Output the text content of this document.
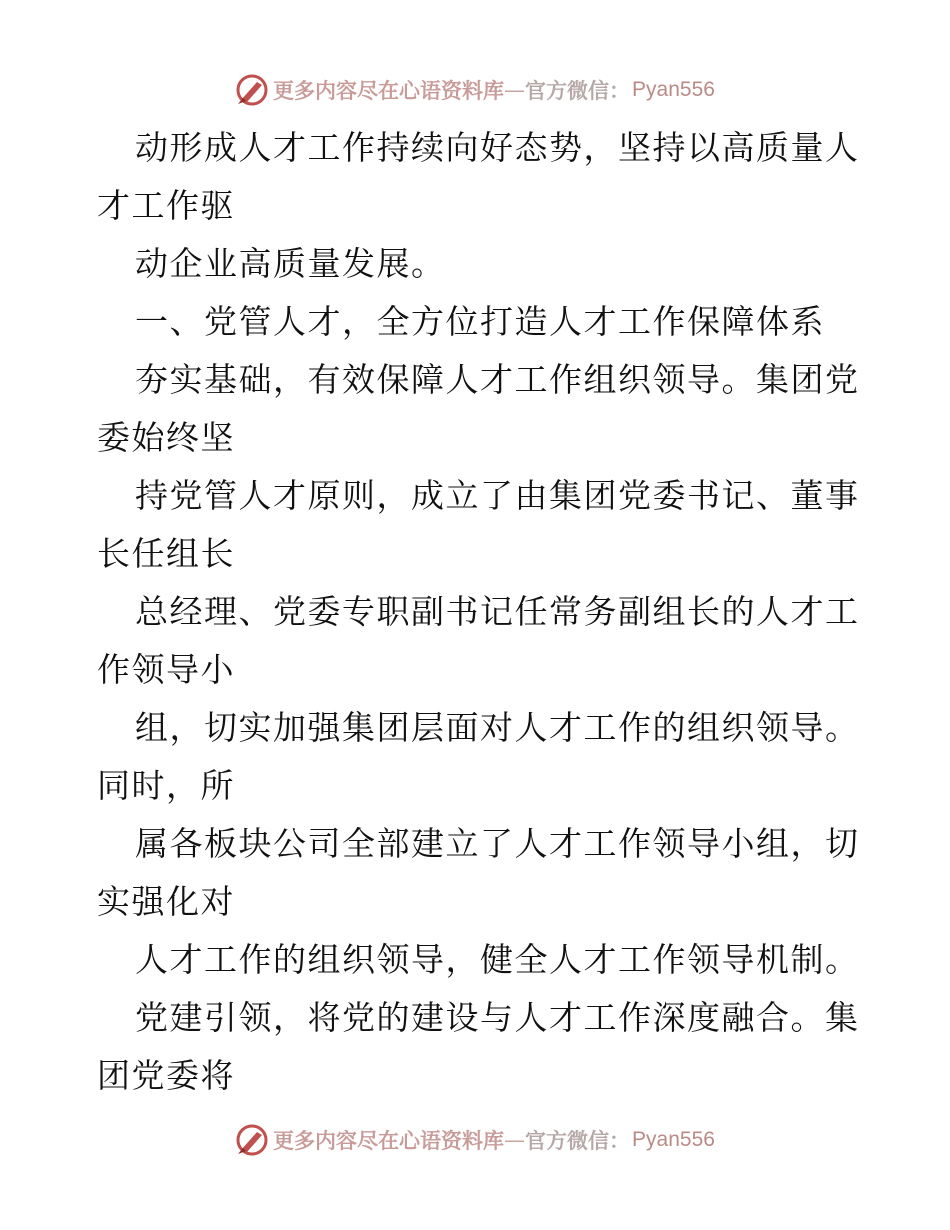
更多内容尽在心语资料库 — 官方微信： Pyan556

动形成人才工作持续向好态势，坚持以高质量人
才工作驱

动企业高质量发展。

一、党管人才，全方位打造人才工作保障体系

夯实基础，有效保障人才工作组织领导。集团党
委始终坚

持党管人才原则，成立了由集团党委书记、董事
长任组长

总经理、党委专职副书记任常务副组长的人才工
作领导小

组，切实加强集团层面对人才工作的组织领导。
同时，所

属各板块公司全部建立了人才工作领导小组，切
实强化对

人才工作的组织领导，健全人才工作领导机制。

党建引领，将党的建设与人才工作深度融合。集
团党委将

更多内容尽在心语资料库 — 官方微信： Pyan556
